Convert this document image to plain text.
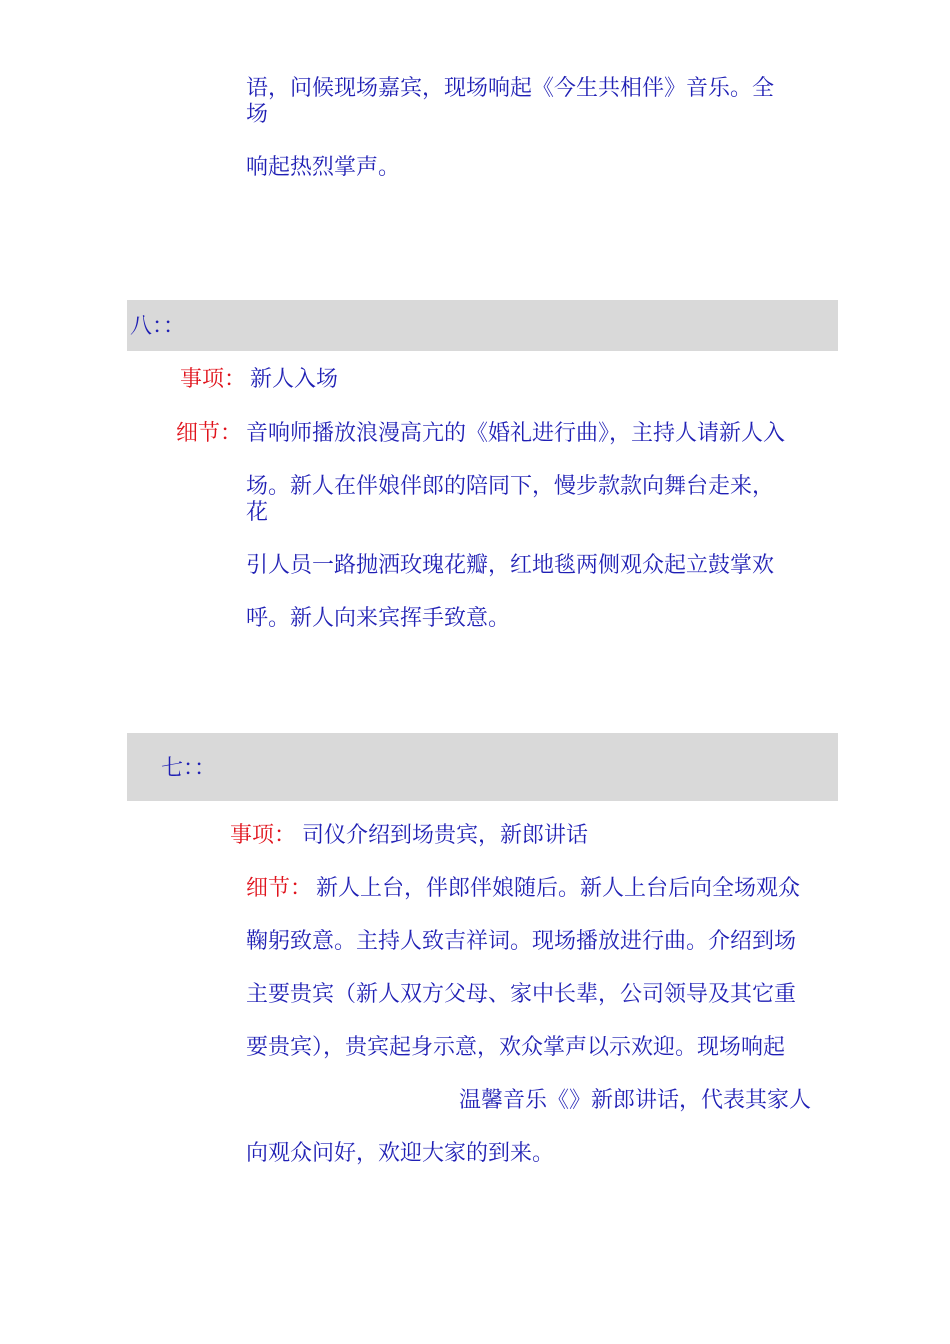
语，问候现场嘉宾，现场响起《今生共相伴》音乐。全
场
响起热烈掌声。
八：：
事项： 新人入场
细节： 音响师播放浪漫高亢的《婚礼进行曲》，主持人请新人入
场。新人在伴娘伴郎的陪同下，慢步款款向舞台走来，
花
引人员一路抛洒玫瑰花瓣，红地毯两侧观众起立鼓掌欢
呼。新人向来宾挥手致意。
七：：
事项： 司仪介绍到场贵宾，新郎讲话
细节： 新人上台，伴郎伴娘随后。新人上台后向全场观众
鞠躬致意。主持人致吉祥词。现场播放进行曲。介绍到场
主要贵宾（新人双方父母、家中长辈，公司领导及其它重
要贵宾），贵宾起身示意，欢众掌声以示欢迎。现场响起
温馨音乐《》新郎讲话，代表其家人
向观众问好，欢迎大家的到来。
